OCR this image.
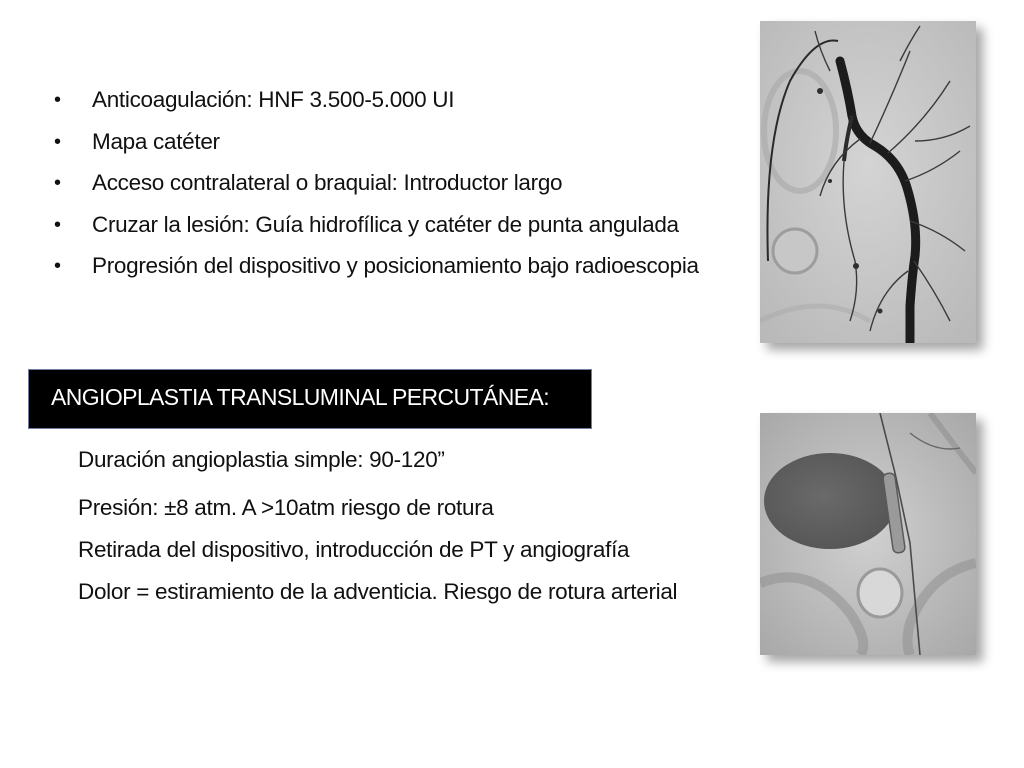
• Anticoagulación: HNF 3.500-5.000 UI
• Mapa catéter
• Acceso contralateral o braquial: Introductor largo
• Cruzar la lesión: Guía hidrofílica y catéter de punta angulada
• Progresión del dispositivo y posicionamiento bajo radioescopia
ANGIOPLASTIA TRANSLUMINAL PERCUTÁNEA:
Duración angioplastia simple: 90-120”
Presión: ±8 atm. A >10atm riesgo de rotura
Retirada del dispositivo, introducción de PT y angiografía
Dolor = estiramiento de la adventicia. Riesgo de rotura arterial
